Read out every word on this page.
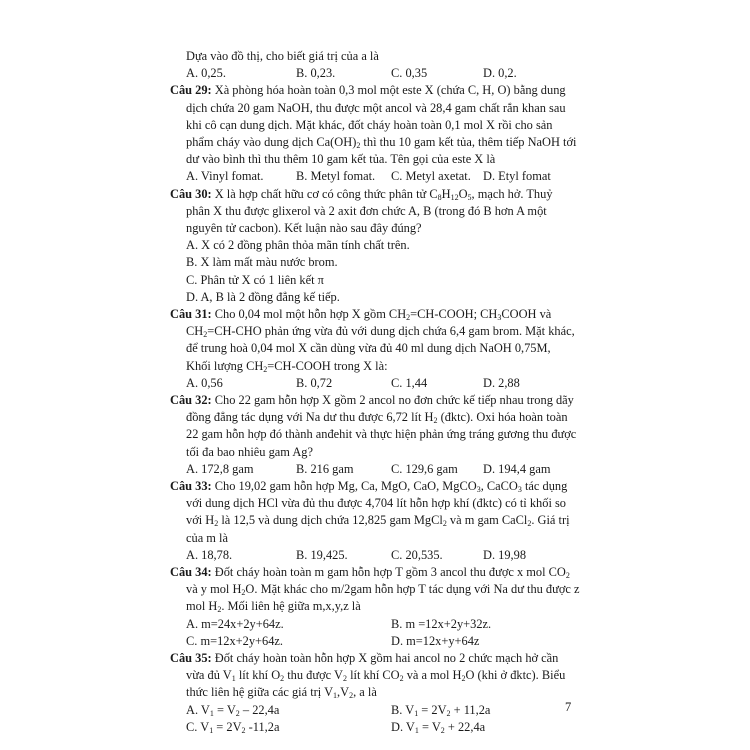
Dựa vào đồ thị, cho biết giá trị của a là
A. 0,25.	B. 0,23.	C. 0,35	D. 0,2.
Câu 29: Xà phòng hóa hoàn toàn 0,3 mol một este X (chứa C, H, O) bằng dung
dịch chứa 20 gam NaOH, thu được một ancol và 28,4 gam chất rắn khan sau
khi cô cạn dung dịch. Mặt khác, đốt cháy hoàn toàn 0,1 mol X rồi cho sản
phẩm cháy vào dung dịch $Ca(OH)_2$ thì thu 10 gam kết tủa, thêm tiếp NaOH tới
dư vào bình thì thu thêm 10 gam kết tủa. Tên gọi của este X là
A. Vinyl fomat.	B. Metyl fomat. C. Metyl axetat. D. Etyl fomat
Câu 30: X là hợp chất hữu cơ có công thức phân tử $C_8H_{12}O_5$, mạch hở. Thuỷ
phân X thu được glixerol và 2 axit đơn chức A, B (trong đó B hơn A một
nguyên tử cacbon). Kết luận nào sau đây đúng?
A. X có 2 đồng phân thỏa mãn tính chất trên.
B. X làm mất màu nước brom.
C. Phân tử X có 1 liên kết π
D. A, B là 2 đồng đẳng kế tiếp.
Câu 31: Cho 0,04 mol một hỗn hợp X gồm $CH_2=CH$-COOH; $CH_3COOH$ và
$CH_2=CH$-CHO phản ứng vừa đủ với dung dịch chứa 6,4 gam brom. Mặt khác,
để trung hoà 0,04 mol X cần dùng vừa đủ 40 ml dung dịch NaOH 0,75M,
Khối lượng $CH_2=CH$-COOH trong X là:
A. 0,56	B. 0,72	C. 1,44	D. 2,88
Câu 32: Cho 22 gam hỗn hợp X gồm 2 ancol no đơn chức kế tiếp nhau trong dãy
đồng đẳng tác dụng với Na dư thu được 6,72 lít $H_2$ (đktc). Oxi hóa hoàn toàn
22 gam hỗn hợp đó thành anđehit và thực hiện phản ứng tráng gương thu được
tối đa bao nhiêu gam Ag?
A. 172,8 gam	B. 216 gam	C. 129,6 gam D. 194,4 gam
Câu 33: Cho 19,02 gam hỗn hợp Mg, Ca, MgO, CaO, MgCO$_3$, CaCO$_3$ tác dụng
với dung dịch HCl vừa đủ thu được 4,704 lít hỗn hợp khí (đktc) có tỉ khối so
với $H_2$ là 12,5 và dung dịch chứa 12,825 gam MgCl$_2$ và m gam CaCl$_2$. Giá trị
của m là
A. 18,78.	B. 19,425.	C. 20,535.	D. 19,98
Câu 34: Đốt cháy hoàn toàn m gam hỗn hợp T gồm 3 ancol thu được x mol $CO_2$
và y mol $H_2O$. Mặt khác cho m/2gam hỗn hợp T tác dụng với Na dư thu được z
mol $H_2$. Mối liên hệ giữa m,x,y,z là
A. m=24x+2y+64z.	B. m =12x+2y+32z.
C. m=12x+2y+64z.	D. m=12x+y+64z
Câu 35: Đốt cháy hoàn toàn hỗn hợp X gồm hai ancol no 2 chức mạch hở cần
vừa đủ $V_1$ lít khí $O_2$ thu được $V_2$ lít khí $CO_2$ và a mol $H_2O$ (khi ở đktc). Biểu
thức liên hệ giữa các giá trị $V_1,V_2$, a là
A. $V_1 = V_2 - 22,4a$	B. $V_1 = 2V_2 + 11,2a$
C. $V_1 = 2V_2$ -11,2a	D. $V_1 = V_2 + 22,4a$
7
